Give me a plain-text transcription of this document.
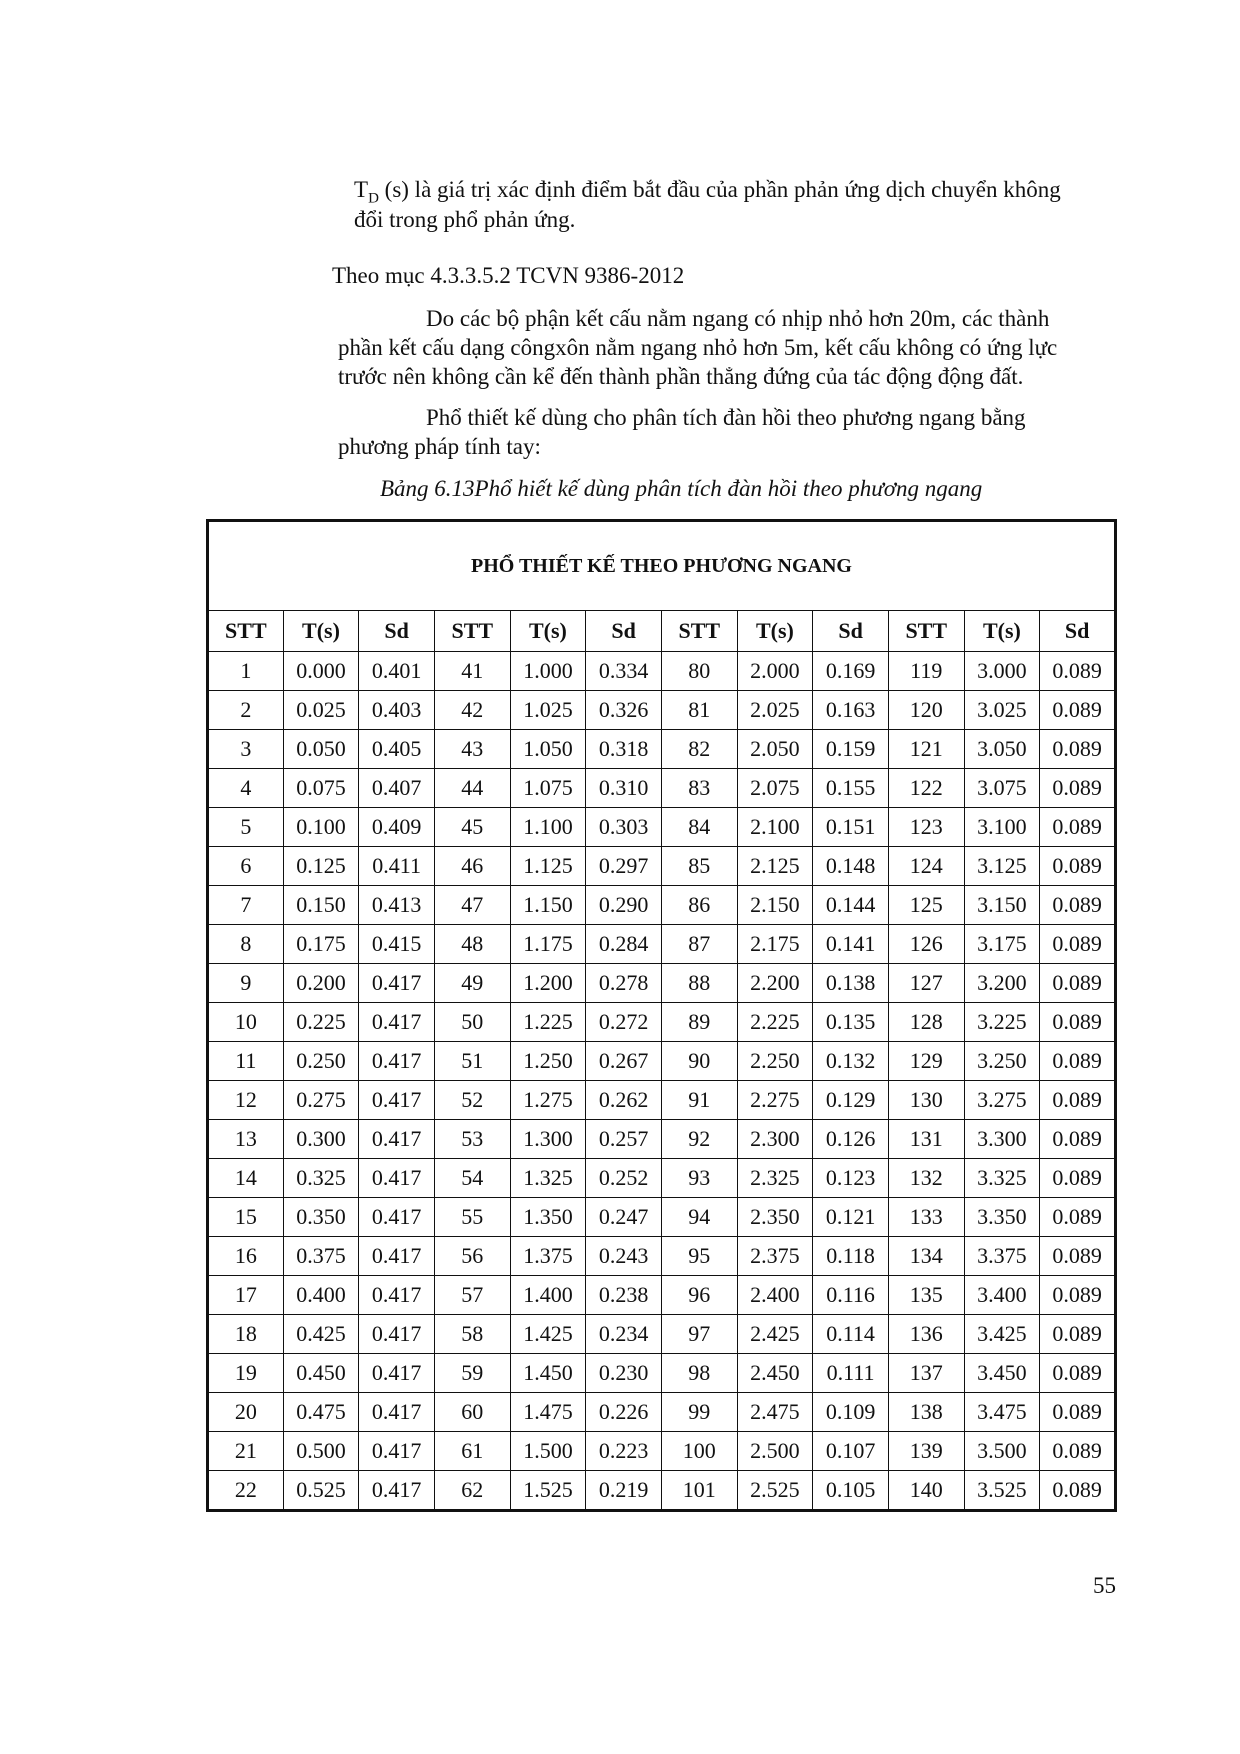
$T_D$ (s) là giá trị xác định điểm bắt đầu của phần phản ứng dịch chuyển không
đổi trong phổ phản ứng.
Theo mục 4.3.3.5.2 TCVN 9386-2012
Do các bộ phận kết cấu nằm ngang có nhịp nhỏ hơn 20m, các thành
phần kết cấu dạng côngxôn nằm ngang nhỏ hơn 5m, kết cấu không có ứng lực
trước nên không cần kể đến thành phần thẳng đứng của tác động động đất.
Phổ thiết kế dùng cho phân tích đàn hồi theo phương ngang bằng
phương pháp tính tay:
Bảng 6.13Phổ hiết kế dùng phân tích đàn hồi theo phương ngang
PHỔ THIẾT KẾ THEO PHƯƠNG NGANG											
STT	T(s)	Sd	STT	T(s)	Sd	STT	T(s)	Sd	STT	T(s)	Sd
1	0.000	0.401	41	1.000	0.334	80	2.000	0.169	119	3.000	0.089
2	0.025	0.403	42	1.025	0.326	81	2.025	0.163	120	3.025	0.089
3	0.050	0.405	43	1.050	0.318	82	2.050	0.159	121	3.050	0.089
4	0.075	0.407	44	1.075	0.310	83	2.075	0.155	122	3.075	0.089
5	0.100	0.409	45	1.100	0.303	84	2.100	0.151	123	3.100	0.089
6	0.125	0.411	46	1.125	0.297	85	2.125	0.148	124	3.125	0.089
7	0.150	0.413	47	1.150	0.290	86	2.150	0.144	125	3.150	0.089
8	0.175	0.415	48	1.175	0.284	87	2.175	0.141	126	3.175	0.089
9	0.200	0.417	49	1.200	0.278	88	2.200	0.138	127	3.200	0.089
10	0.225	0.417	50	1.225	0.272	89	2.225	0.135	128	3.225	0.089
11	0.250	0.417	51	1.250	0.267	90	2.250	0.132	129	3.250	0.089
12	0.275	0.417	52	1.275	0.262	91	2.275	0.129	130	3.275	0.089
13	0.300	0.417	53	1.300	0.257	92	2.300	0.126	131	3.300	0.089
14	0.325	0.417	54	1.325	0.252	93	2.325	0.123	132	3.325	0.089
15	0.350	0.417	55	1.350	0.247	94	2.350	0.121	133	3.350	0.089
16	0.375	0.417	56	1.375	0.243	95	2.375	0.118	134	3.375	0.089
17	0.400	0.417	57	1.400	0.238	96	2.400	0.116	135	3.400	0.089
18	0.425	0.417	58	1.425	0.234	97	2.425	0.114	136	3.425	0.089
19	0.450	0.417	59	1.450	0.230	98	2.450	0.111	137	3.450	0.089
20	0.475	0.417	60	1.475	0.226	99	2.475	0.109	138	3.475	0.089
21	0.500	0.417	61	1.500	0.223	100	2.500	0.107	139	3.500	0.089
22	0.525	0.417	62	1.525	0.219	101	2.525	0.105	140	3.525	0.089
55
